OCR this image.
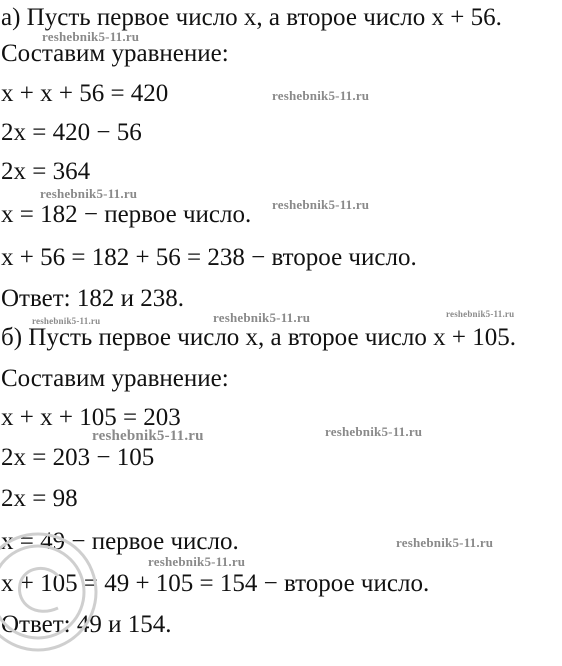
а) Пусть первое число x, а второе число x + 56.
Составим уравнение:
x + x + 56 = 420
2x = 420 − 56
2x = 364
x = 182 − первое число.
x + 56 = 182 + 56 = 238 − второе число.
Ответ: 182 и 238.
б) Пусть первое число x, а второе число x + 105.
Составим уравнение:
x + x + 105 = 203
2x = 203 − 105
2x = 98
x = 49 − первое число.
x + 105 = 49 + 105 = 154 − второе число.
Ответ: 49 и 154.
reshebnik5-11.ru
reshebnik5-11.ru
reshebnik5-11.ru
reshebnik5-11.ru
reshebnik5-11.ru	reshebnik5-11.ru	reshebnik5-11.ru
reshebnik5-11.ru	reshebnik5-11.ru
reshebnik5-11.ru
reshebnik5-11.ru
